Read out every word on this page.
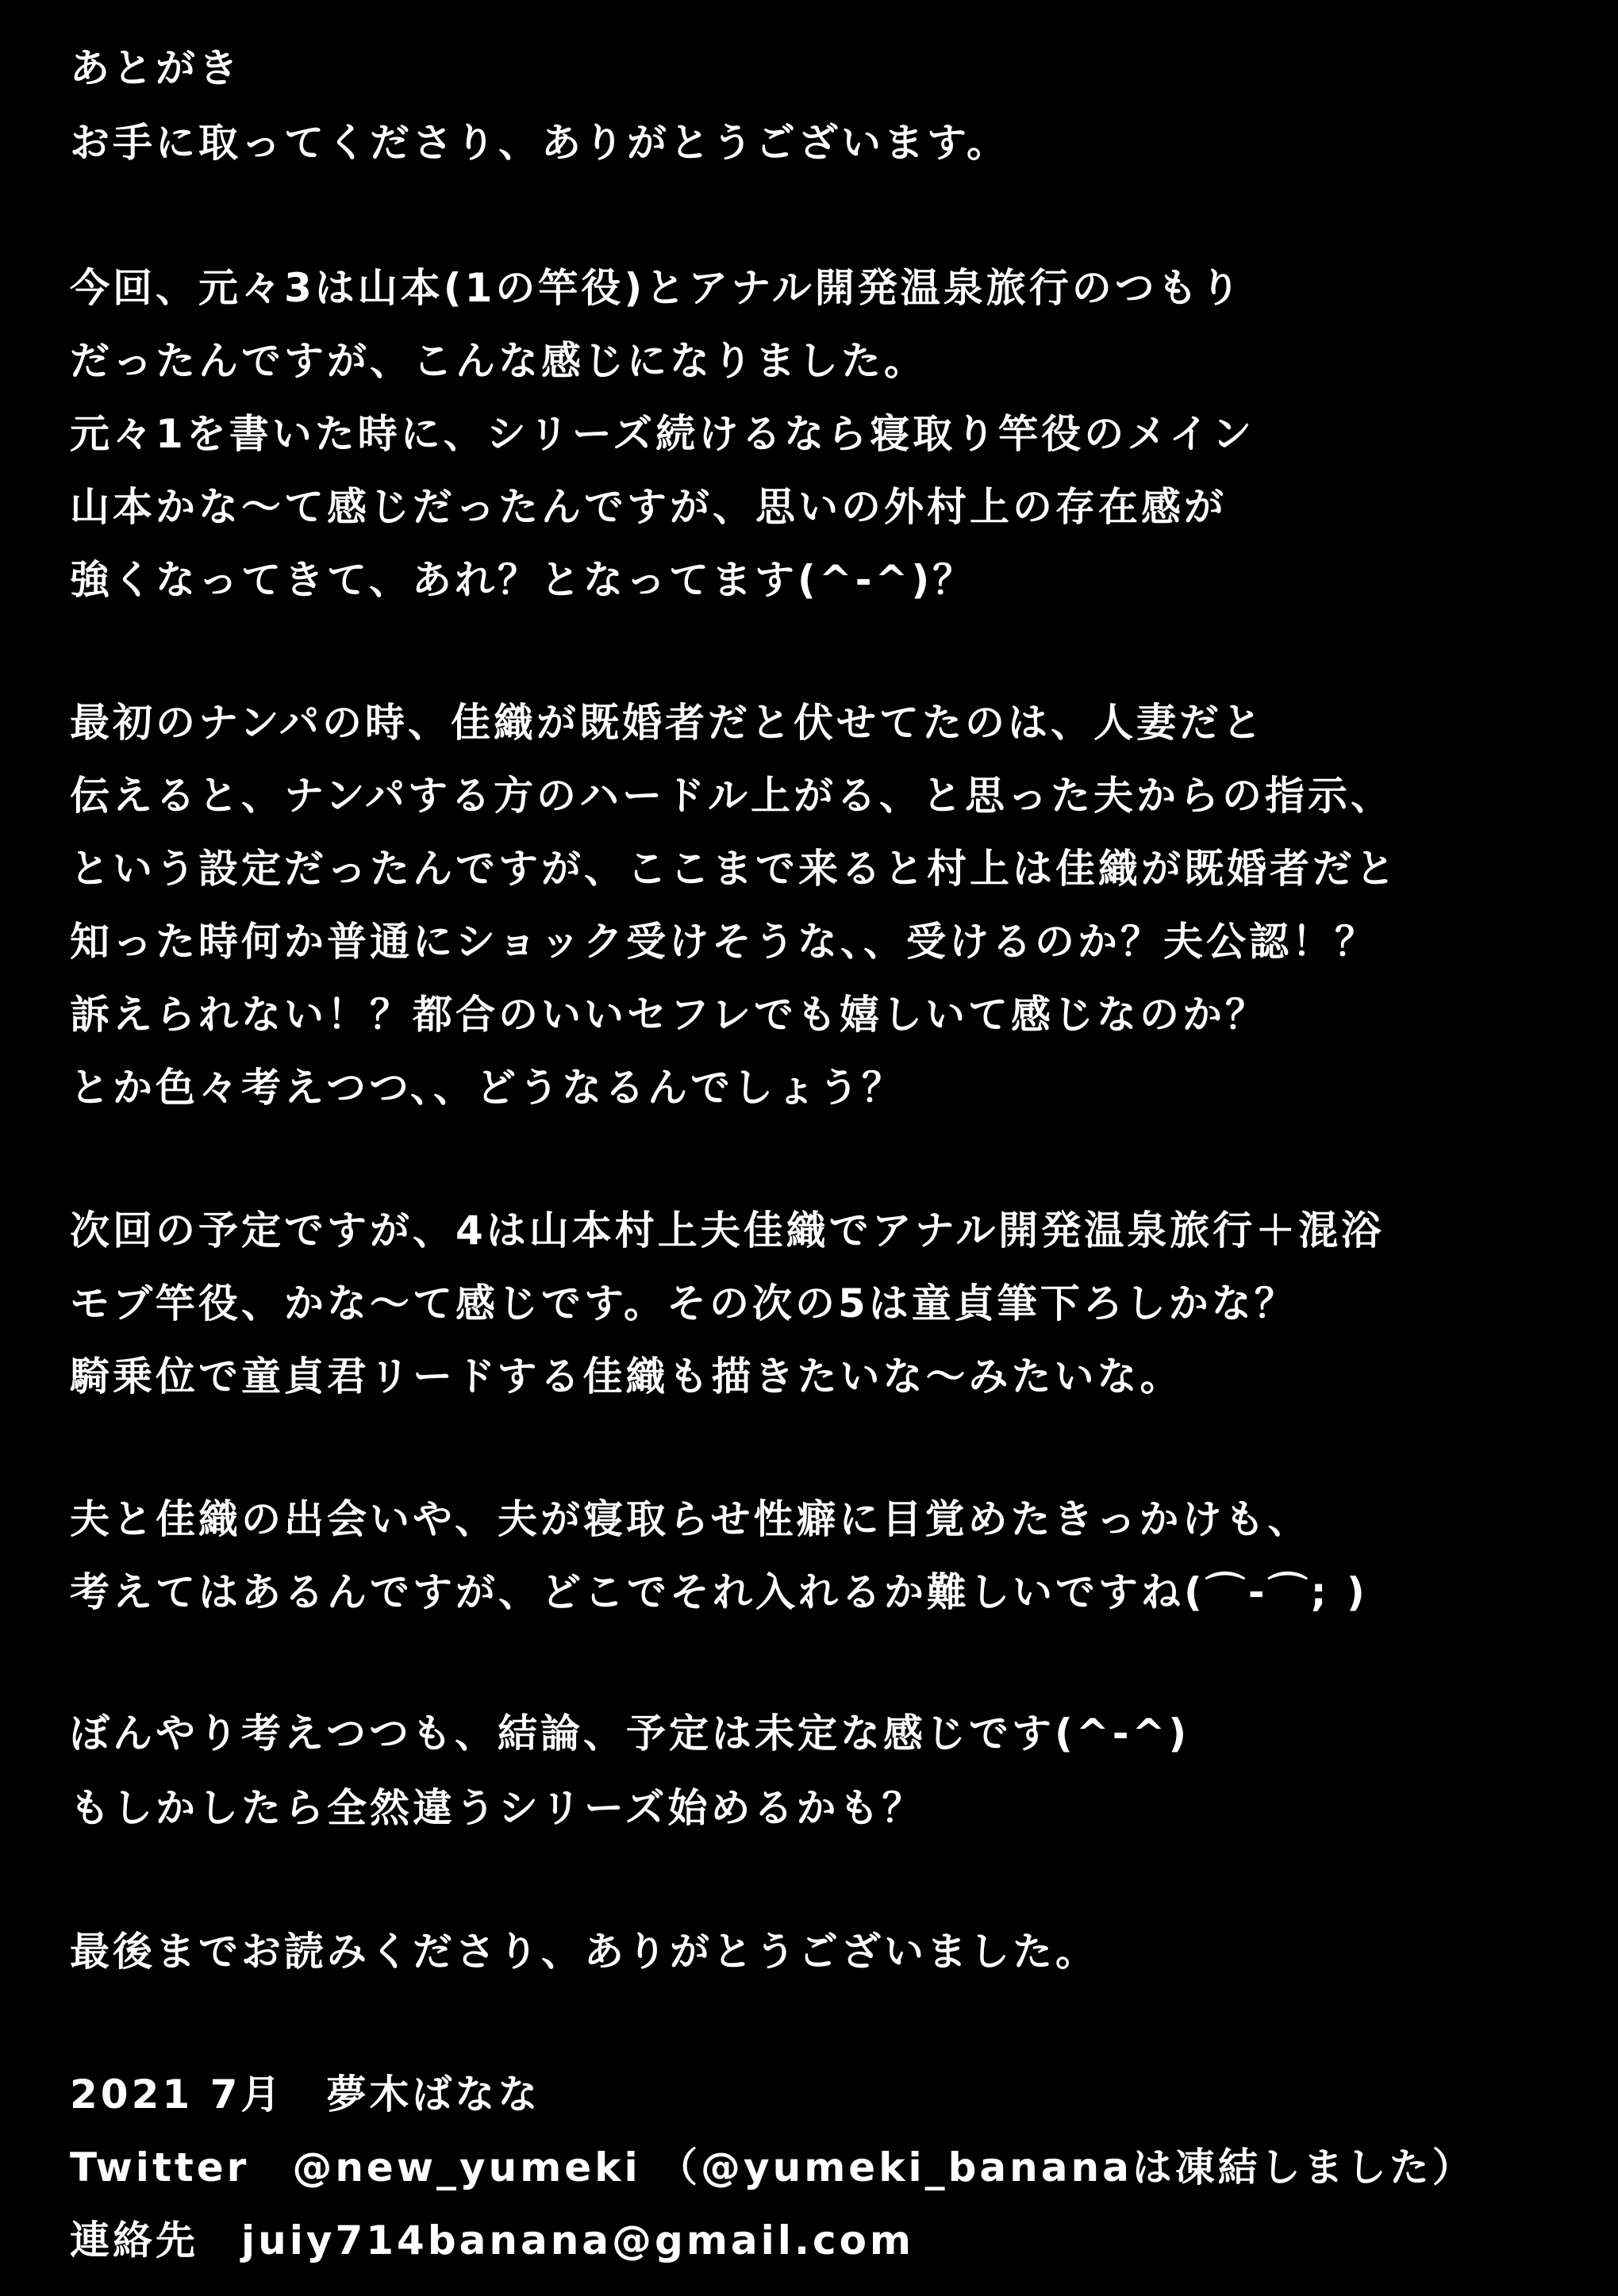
あとがき
お手に取ってくださり、ありがとうございます。
今回、元々3は山本(1の竿役)とアナル開発温泉旅行のつもり
だったんですが、こんな感じになりました。
元々1を書いた時に、シリーズ続けるなら寝取り竿役のメイン
山本かな〜て感じだったんですが、思いの外村上の存在感が
強くなってきて、あれ？となってます(^-^)？
最初のナンパの時、佳織が既婚者だと伏せてたのは、人妻だと
伝えると、ナンパする方のハードル上がる、と思った夫からの指示、
という設定だったんですが、ここまで来ると村上は佳織が既婚者だと
知った時何か普通にショック受けそうな、、受けるのか？夫公認！？
訴えられない！？都合のいいセフレでも嬉しいて感じなのか？
とか色々考えつつ、、どうなるんでしょう？
次回の予定ですが、4は山本村上夫佳織でアナル開発温泉旅行＋混浴
モブ竿役、かな〜て感じです。その次の5は童貞筆下ろしかな？
騎乗位で童貞君リードする佳織も描きたいな〜みたいな。
夫と佳織の出会いや、夫が寝取らせ性癖に目覚めたきっかけも、
考えてはあるんですが、どこでそれ入れるか難しいですね(⌒-⌒; )
ぼんやり考えつつも、結論、予定は未定な感じです(^-^)
もしかしたら全然違うシリーズ始めるかも？
最後までお読みくださり、ありがとうございました。
2021 7月　夢木ばなな
Twitter　@new_yumeki （@yumeki_bananaは凍結しました）
連絡先　juiy714banana@gmail.com
